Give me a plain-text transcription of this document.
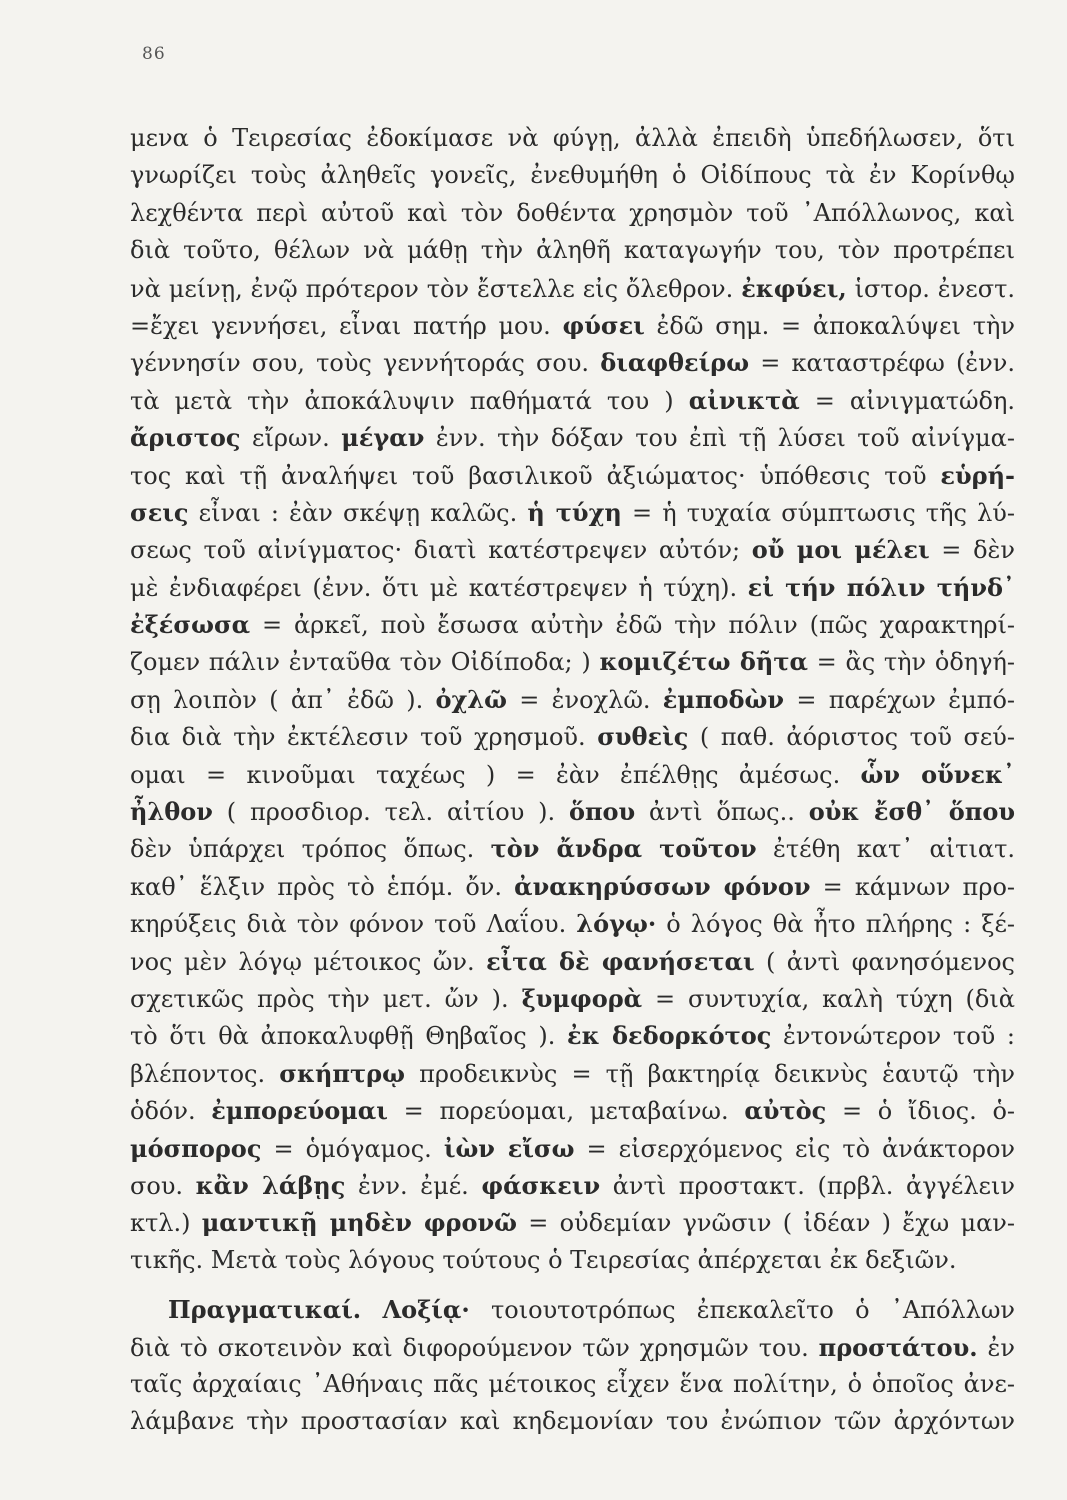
86
μενα ὁ Τειρεσίας ἐδοκίμασε νὰ φύγῃ, ἀλλὰ ἐπειδὴ ὑπεδήλωσεν, ὅτι
γνωρίζει τοὺς ἀληθεῖς γονεῖς, ἐνεθυμήθη ὁ Οἰδίπους τὰ ἐν Κορίνθῳ
λεχθέντα περὶ αὐτοῦ καὶ τὸν δοθέντα χρησμὸν τοῦ ᾿Απόλλωνος, καὶ
διὰ τοῦτο, θέλων νὰ μάθῃ τὴν ἀληθῆ καταγωγήν του, τὸν προτρέπει
νὰ μείνῃ, ἐνῷ πρότερον τὸν ἔστελλε εἰς ὄλεθρον. ἐκφύει, ἱστορ. ἐνεστ.
=ἔχει γεννήσει, εἶναι πατήρ μου. φύσει ἐδῶ σημ. = ἀποκαλύψει τὴν
γέννησίν σου, τοὺς γεννήτοράς σου. διαφθείρω = καταστρέφω (ἐνν.
τὰ μετὰ τὴν ἀποκάλυψιν παθήματά του ) αἰνικτὰ = αἰνιγματώδη.
ἄριστος εἴρων. μέγαν ἐνν. τὴν δόξαν του ἐπὶ τῇ λύσει τοῦ αἰνίγμα-
τος καὶ τῇ ἀναλήψει τοῦ βασιλικοῦ ἀξιώματος· ὑπόθεσις τοῦ εὑρή-
σεις εἶναι : ἐὰν σκέψῃ καλῶς. ἡ τύχη = ἡ τυχαία σύμπτωσις τῆς λύ-
σεως τοῦ αἰνίγματος· διατὶ κατέστρεψεν αὐτόν; οὔ μοι μέλει = δὲν
μὲ ἐνδιαφέρει (ἐνν. ὅτι μὲ κατέστρεψεν ἡ τύχη). εἰ τήν πόλιν τήνδ᾿
ἐξέσωσα = ἀρκεῖ, ποὺ ἔσωσα αὐτὴν ἐδῶ τὴν πόλιν (πῶς χαρακτηρί-
ζομεν πάλιν ἐνταῦθα τὸν Οἰδίποδα; ) κομιζέτω δῆτα = ἂς τὴν ὁδηγή-
σῃ λοιπὸν ( ἀπ᾿ ἐδῶ ). ὀχλῶ = ἐνοχλῶ. ἐμποδὼν = παρέχων ἐμπό-
δια διὰ τὴν ἐκτέλεσιν τοῦ χρησμοῦ. συθεὶς ( παθ. ἀόριστος τοῦ σεύ-
ομαι = κινοῦμαι ταχέως ) = ἐὰν ἐπέλθῃς ἀμέσως. ὧν οὕνεκ᾿
ἦλθον ( προσδιορ. τελ. αἰτίου ). ὅπου ἀντὶ ὅπως.. οὐκ ἔσθ᾿ ὅπου
δὲν ὑπάρχει τρόπος ὅπως. τὸν ἄνδρα τοῦτον ἐτέθη κατ᾿ αἰτιατ.
καθ᾿ ἕλξιν πρὸς τὸ ἑπόμ. ὄν. ἀνακηρύσσων φόνον = κάμνων προ-
κηρύξεις διὰ τὸν φόνον τοῦ Λαΐου. λόγῳ· ὁ λόγος θὰ ἦτο πλήρης : ξέ-
νος μὲν λόγῳ μέτοικος ὤν. εἶτα δὲ φανήσεται ( ἀντὶ φανησόμενος
σχετικῶς πρὸς τὴν μετ. ὤν ). ξυμφορὰ = συντυχία, καλὴ τύχη (διὰ
τὸ ὅτι θὰ ἀποκαλυφθῇ Θηβαῖος ). ἐκ δεδορκότος ἐντονώτερον τοῦ :
βλέποντος. σκήπτρῳ προδεικνὺς = τῇ βακτηρίᾳ δεικνὺς ἑαυτῷ τὴν
ὁδόν. ἐμπορεύομαι = πορεύομαι, μεταβαίνω. αὐτὸς = ὁ ἴδιος. ὁ-
μόσπορος = ὁμόγαμος. ἰὼν εἴσω = εἰσερχόμενος εἰς τὸ ἀνάκτορον
σου. κἂν λάβῃς ἐνν. ἐμέ. φάσκειν ἀντὶ προστακτ. (πρβλ. ἀγγέλειν
κτλ.) μαντικῇ μηδὲν φρονῶ = οὐδεμίαν γνῶσιν ( ἰδέαν ) ἔχω μαν-
τικῆς. Μετὰ τοὺς λόγους τούτους ὁ Τειρεσίας ἀπέρχεται ἐκ δεξιῶν.
Πραγματικαί. Λοξίᾳ· τοιουτοτρόπως ἐπεκαλεῖτο ὁ ᾿Απόλλων
διὰ τὸ σκοτεινὸν καὶ διφορούμενον τῶν χρησμῶν του. προστάτου. ἐν
ταῖς ἀρχαίαις ᾿Αθήναις πᾶς μέτοικος εἶχεν ἕνα πολίτην, ὁ ὁποῖος ἀνε-
λάμβανε τὴν προστασίαν καὶ κηδεμονίαν του ἐνώπιον τῶν ἀρχόντων
